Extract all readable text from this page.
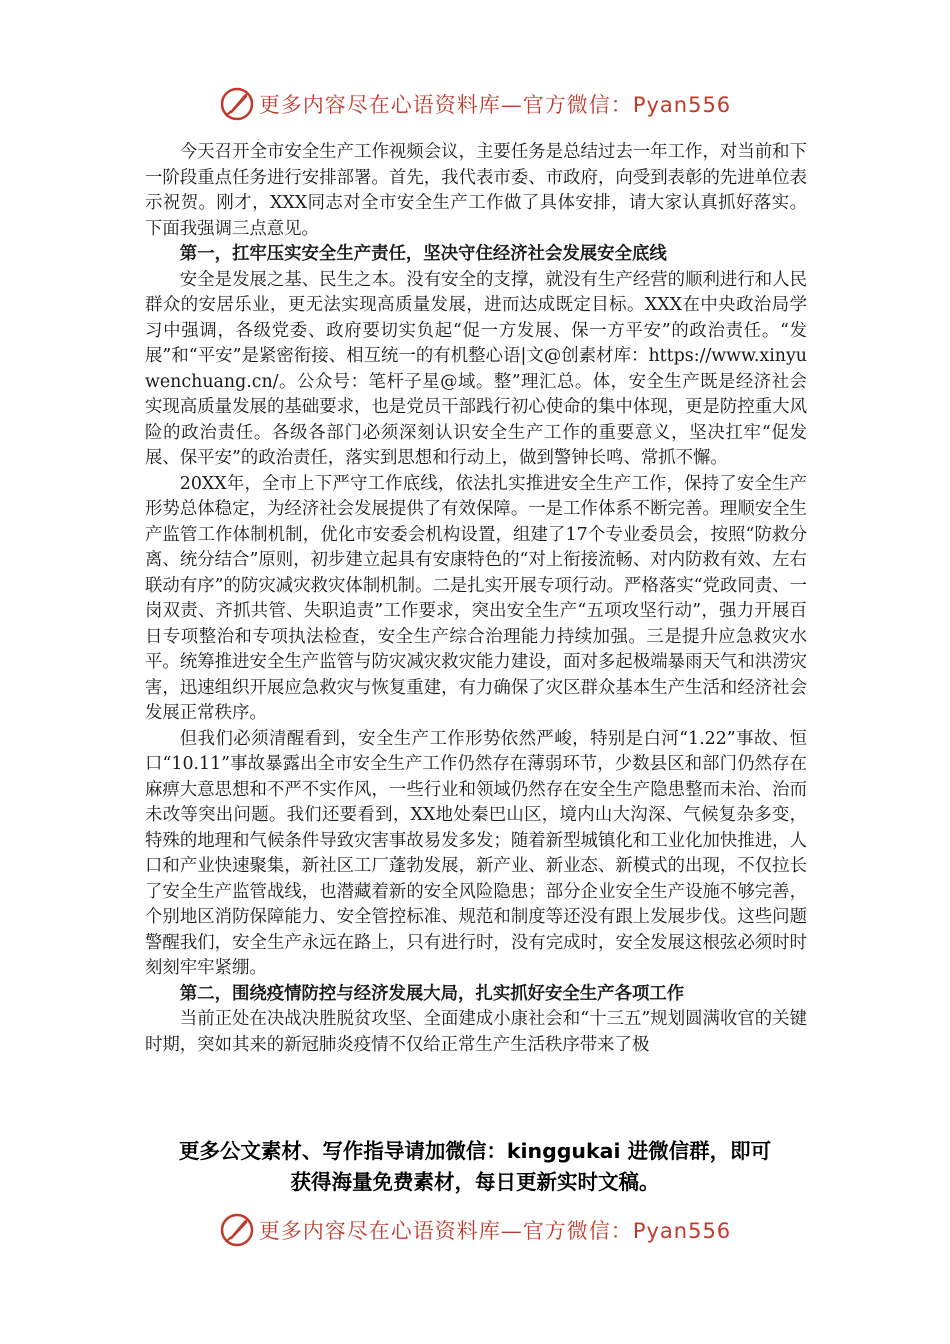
更多内容尽在心语资料库—官方微信：Pyan556

今天召开全市安全生产工作视频会议，主要任务是总结过去一年工作，对当前和下一阶段重点任务进行安排部署。首先，我代表市委、市政府，向受到表彰的先进单位表示祝贺。刚才，XXX同志对全市安全生产工作做了具体安排，请大家认真抓好落实。下面我强调三点意见。

第一，扛牢压实安全生产责任，坚决守住经济社会发展安全底线

安全是发展之基、民生之本。没有安全的支撑，就没有生产经营的顺利进行和人民群众的安居乐业，更无法实现高质量发展，进而达成既定目标。XXX在中央政治局学习中强调，各级党委、政府要切实负起“促一方发展、保一方平安”的政治责任。“发展”和“平安”是紧密衔接、相互统一的有机整心语|文@创素材库：https://www.xinyuwenchuang.cn/。公众号：笔杆子星@域。整”理汇总。体，安全生产既是经济社会实现高质量发展的基础要求，也是党员干部践行初心使命的集中体现，更是防控重大风险的政治责任。各级各部门必须深刻认识安全生产工作的重要意义，坚决扛牢“促发展、保平安”的政治责任，落实到思想和行动上，做到警钟长鸣、常抓不懈。

20XX年，全市上下严守工作底线，依法扎实推进安全生产工作，保持了安全生产形势总体稳定，为经济社会发展提供了有效保障。一是工作体系不断完善。理顺安全生产监管工作体制机制，优化市安委会机构设置，组建了17个专业委员会，按照“防救分离、统分结合”原则，初步建立起具有安康特色的“对上衔接流畅、对内防救有效、左右联动有序”的防灾减灾救灾体制机制。二是扎实开展专项行动。严格落实“党政同责、一岗双责、齐抓共管、失职追责”工作要求，突出安全生产“五项攻坚行动”，强力开展百日专项整治和专项执法检查，安全生产综合治理能力持续加强。三是提升应急救灾水平。统筹推进安全生产监管与防灾减灾救灾能力建设，面对多起极端暴雨天气和洪涝灾害，迅速组织开展应急救灾与恢复重建，有力确保了灾区群众基本生产生活和经济社会发展正常秩序。

但我们必须清醒看到，安全生产工作形势依然严峻，特别是白河“1.22”事故、恒口“10.11”事故暴露出全市安全生产工作仍然存在薄弱环节，少数县区和部门仍然存在麻痹大意思想和不严不实作风，一些行业和领域仍然存在安全生产隐患整而未治、治而未改等突出问题。我们还要看到，XX地处秦巴山区，境内山大沟深、气候复杂多变，特殊的地理和气候条件导致灾害事故易发多发；随着新型城镇化和工业化加快推进，人口和产业快速聚集，新社区工厂蓬勃发展，新产业、新业态、新模式的出现，不仅拉长了安全生产监管战线，也潜藏着新的安全风险隐患；部分企业安全生产设施不够完善，个别地区消防保障能力、安全管控标准、规范和制度等还没有跟上发展步伐。这些问题警醒我们，安全生产永远在路上，只有进行时，没有完成时，安全发展这根弦必须时时刻刻牢牢紧绷。

第二，围绕疫情防控与经济发展大局，扎实抓好安全生产各项工作

当前正处在决战决胜脱贫攻坚、全面建成小康社会和“十三五”规划圆满收官的关键时期，突如其来的新冠肺炎疫情不仅给正常生产生活秩序带来了极

更多公文素材、写作指导请加微信：kinggukai 进微信群，即可
获得海量免费素材，每日更新实时文稿。
更多内容尽在心语资料库—官方微信：Pyan556
